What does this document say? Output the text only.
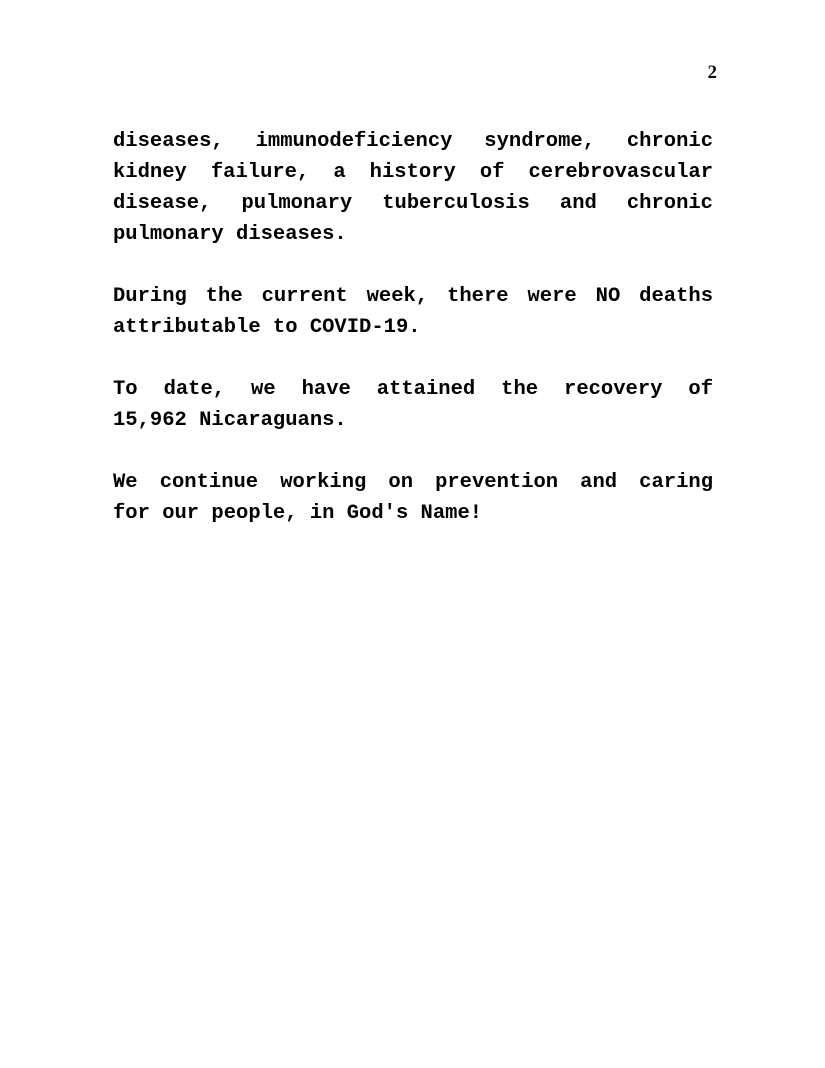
2

diseases, immunodeficiency syndrome, chronic
kidney failure, a history of cerebrovascular
disease, pulmonary tuberculosis and chronic
pulmonary diseases.

During the current week, there were NO deaths
attributable to COVID-19.

To date, we have attained the recovery of
15,962 Nicaraguans.

We continue working on prevention and caring
for our people, in God's Name!
